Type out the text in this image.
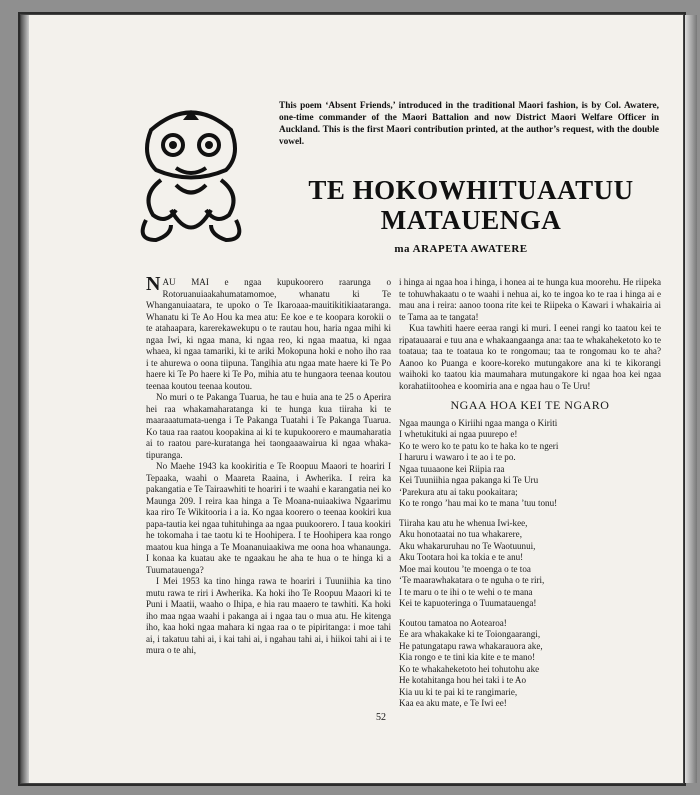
This poem ‘Absent Friends,’ introduced in the traditional Maori fashion, is by Col. Awatere, one-time commander of the Maori Battalion and now District Maori Welfare Officer in Auckland. This is the first Maori contribution printed, at the author’s request, with the double vowel.
TE HOKOWHITUAATUU
MATAUENGA
ma ARAPETA AWATERE

NAU MAI e ngaa kupukoorero raarunga o Rotoruanuiaakahumatamomoe, whanatu ki Te Whanganuiaatara, te upoko o Te Ikaroaaa-mauitikitikiaataranga. Whanatu ki Te Ao Hou ka mea atu: Ee koe e te koopara korokii o te atahaapara, karerekawekupu o te rautau hou, haria ngaa mihi ki ngaa Iwi, ki ngaa mana, ki ngaa reo, ki ngaa maatua, ki ngaa whaea, ki ngaa tamariki, ki te ariki Mokopuna hoki e noho iho raa i te ahurewa o oona tiipuna. Tangihia atu ngaa mate haere ki Te Po haere ki Te Po haere ki Te Po, mihia atu te hungaora teenaa koutou teenaa koutou teenaa koutou.

No muri o te Pakanga Tuarua, he tau e huia ana te 25 o Aperira hei raa whakamaharatanga ki te hunga kua tiiraha ki te maaraaatumata-uenga i Te Pakanga Tuatahi i Te Pakanga Tuarua. Ko taua raa raatou koopakina ai ki te kupukoorero e maumaharatia ai to raatou pare-kuratanga hei taongaaawairua ki ngaa whaka-tipuranga.

No Maehe 1943 ka kookiritia e Te Roopuu Maaori te hoariri I Tepaaka, waahi o Maareta Raaina, i Awherika. I reira ka pakangatia e Te Tairaawhiti te hoariri i te waahi e karangatia nei ko Maunga 209. I reira kaa hinga a Te Moana-nuiaakiwa Ngaarimu kaa riro Te Wikitooria i a ia. Ko ngaa koorero o teenaa kookiri kua papa-tautia kei ngaa tuhituhinga aa ngaa puukoorero. I taua kookiri he tokomaha i tae taotu ki te Hoohipera. I te Hoohipera kaa rongo maatou kua hinga a Te Moananuiaakiwa me oona hoa whanaunga. I konaa ka kuatau ake te ngaakau he aha te hua o te hinga ki a Tuumatauenga?

I Mei 1953 ka tino hinga rawa te hoariri i Tuuniihia ka tino mutu rawa te riri i Awherika. Ka hoki iho Te Roopuu Maaori ki te Puni i Maatii, waaho o Ihipa, e hia rau maaero te tawhiti. Ka hoki iho maa ngaa waahi i pakanga ai i ngaa tau o mua atu. He kitenga iho, kaa hoki ngaa mahara ki ngaa raa o te pipiritanga: i moe tahi ai, i takatuu tahi ai, i kai tahi ai, i ngahau tahi ai, i hiikoi tahi ai i te mura o te ahi,

i hinga ai ngaa hoa i hinga, i honea ai te hunga kua moorehu. He riipeka te tohuwhakaatu o te waahi i nehua ai, ko te ingoa ko te raa i hinga ai e mau ana i reira: aanoo toona rite kei te Riipeka o Kawari i whakairia ai te Tama aa te tangata!

Kua tawhiti haere eeraa rangi ki muri. I eenei rangi ko taatou kei te ripatauaarai e tuu ana e whakaangaanga ana: taa te whakaheketoto ko te toataua; taa te toataua ko te rongomau; taa te rongomau ko te aha? Aanoo ko Puanga e koore-koreko mutungakore ana ki te kikorangi waihoki ko taatou kia maumahara mutungakore ki ngaa hoa kei ngaa korahatiitoohea e koomiria ana e ngaa hau o Te Uru!

NGAA HOA KEI TE NGARO
Ngaa maunga o Kiriihi ngaa manga o Kiriti
I whetukituki ai ngaa puurepo e!
Ko te wero ko te patu ko te haka ko te ngeri
I haruru i wawaro i te ao i te po.
Ngaa tuuaaone kei Riipia raa
Kei Tuuniihia ngaa pakanga ki Te Uru
‘Parekura atu ai taku pookaitara;
Ko te rongo ’hau mai ko te mana ’tuu tonu!
Tiiraha kau atu he whenua Iwi-kee,
Aku honotaatai no tua whakarere,
Aku whakaruruhau no Te Waotuunui,
Aku Tootara hoi ka tokia e te anu!
Moe mai koutou ’te moenga o te toa
‘Te maarawhakatara o te nguha o te riri,
I te maru o te ihi o te wehi o te mana
Kei te kapuoteringa o Tuumatauenga!
Koutou tamatoa no Aotearoa!
Ee ara whakakake ki te Toiongaarangi,
He patungatapu rawa whakarauora ake,
Kia rongo e te tini kia kite e te mano!
Ko te whakaheketoto hei tohutohu ake
He kotahitanga hou hei taki i te Ao
Kia uu ki te pai ki te rangimarie,
Kaa ea aku mate, e Te Iwi ee!
52
